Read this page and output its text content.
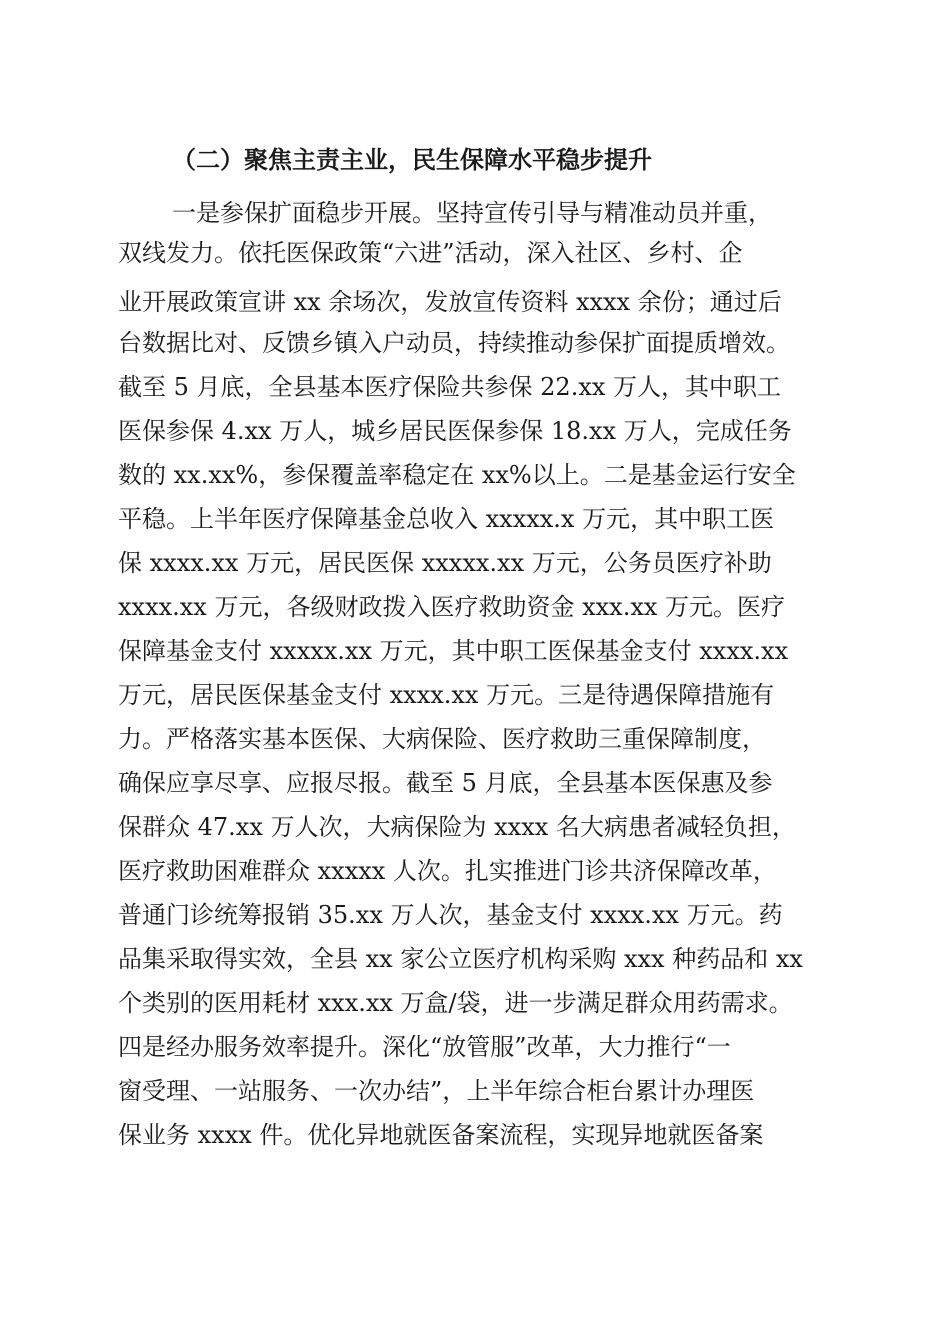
（二）聚焦主责主业，民生保障水平稳步提升
一是参保扩面稳步开展。坚持宣传引导与精准动员并重，
双线发力。依托医保政策“六进”活动，深入社区、乡村、企
业开展政策宣讲 xx 余场次，发放宣传资料 xxxx 余份；通过后
台数据比对、反馈乡镇入户动员，持续推动参保扩面提质增效。
截至 5 月底，全县基本医疗保险共参保 22.xx 万人，其中职工
医保参保 4.xx 万人，城乡居民医保参保 18.xx 万人，完成任务
数的 xx.xx%，参保覆盖率稳定在 xx%以上。二是基金运行安全
平稳。上半年医疗保障基金总收入 xxxxx.x 万元，其中职工医
保 xxxx.xx 万元，居民医保 xxxxx.xx 万元，公务员医疗补助
xxxx.xx 万元，各级财政拨入医疗救助资金 xxx.xx 万元。医疗
保障基金支付 xxxxx.xx 万元，其中职工医保基金支付 xxxx.xx
万元，居民医保基金支付 xxxx.xx 万元。三是待遇保障措施有
力。严格落实基本医保、大病保险、医疗救助三重保障制度，
确保应享尽享、应报尽报。截至 5 月底，全县基本医保惠及参
保群众 47.xx 万人次，大病保险为 xxxx 名大病患者减轻负担，
医疗救助困难群众 xxxxx 人次。扎实推进门诊共济保障改革，
普通门诊统筹报销 35.xx 万人次，基金支付 xxxx.xx 万元。药
品集采取得实效，全县 xx 家公立医疗机构采购 xxx 种药品和 xx
个类别的医用耗材 xxx.xx 万盒/袋，进一步满足群众用药需求。
四是经办服务效率提升。深化“放管服”改革，大力推行“一
窗受理、一站服务、一次办结”，上半年综合柜台累计办理医
保业务 xxxx 件。优化异地就医备案流程，实现异地就医备案
